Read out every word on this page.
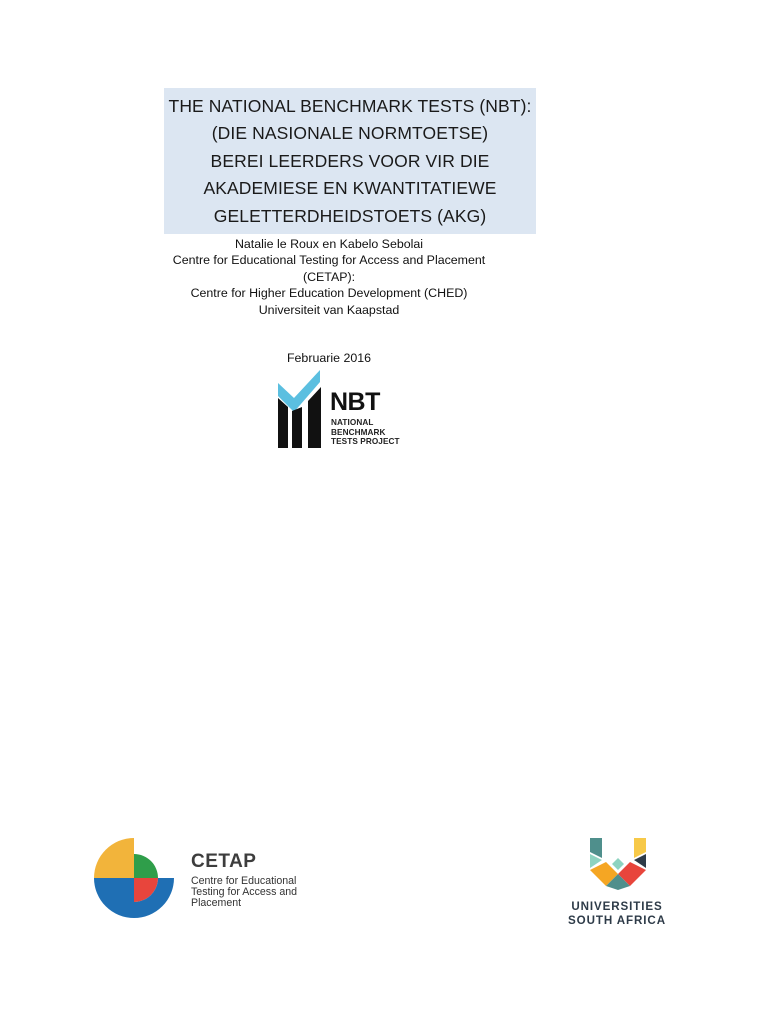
THE NATIONAL BENCHMARK TESTS (NBT):
(DIE NASIONALE NORMTOETSE)
BEREI LEERDERS VOOR VIR DIE
AKADEMIESE EN KWANTITATIEWE
GELETTERDHEIDSTOETS (AKG)
Natalie le Roux en Kabelo Sebolai
Centre for Educational Testing for Access and Placement
(CETAP):
Centre for Higher Education Development (CHED)
Universiteit van Kaapstad
Februarie 2016
NBT
NATIONAL
BENCHMARK
TESTS PROJECT
CETAP
Centre for Educational
Testing for Access and
Placement	UNIVERSITIES
SOUTH AFRICA
